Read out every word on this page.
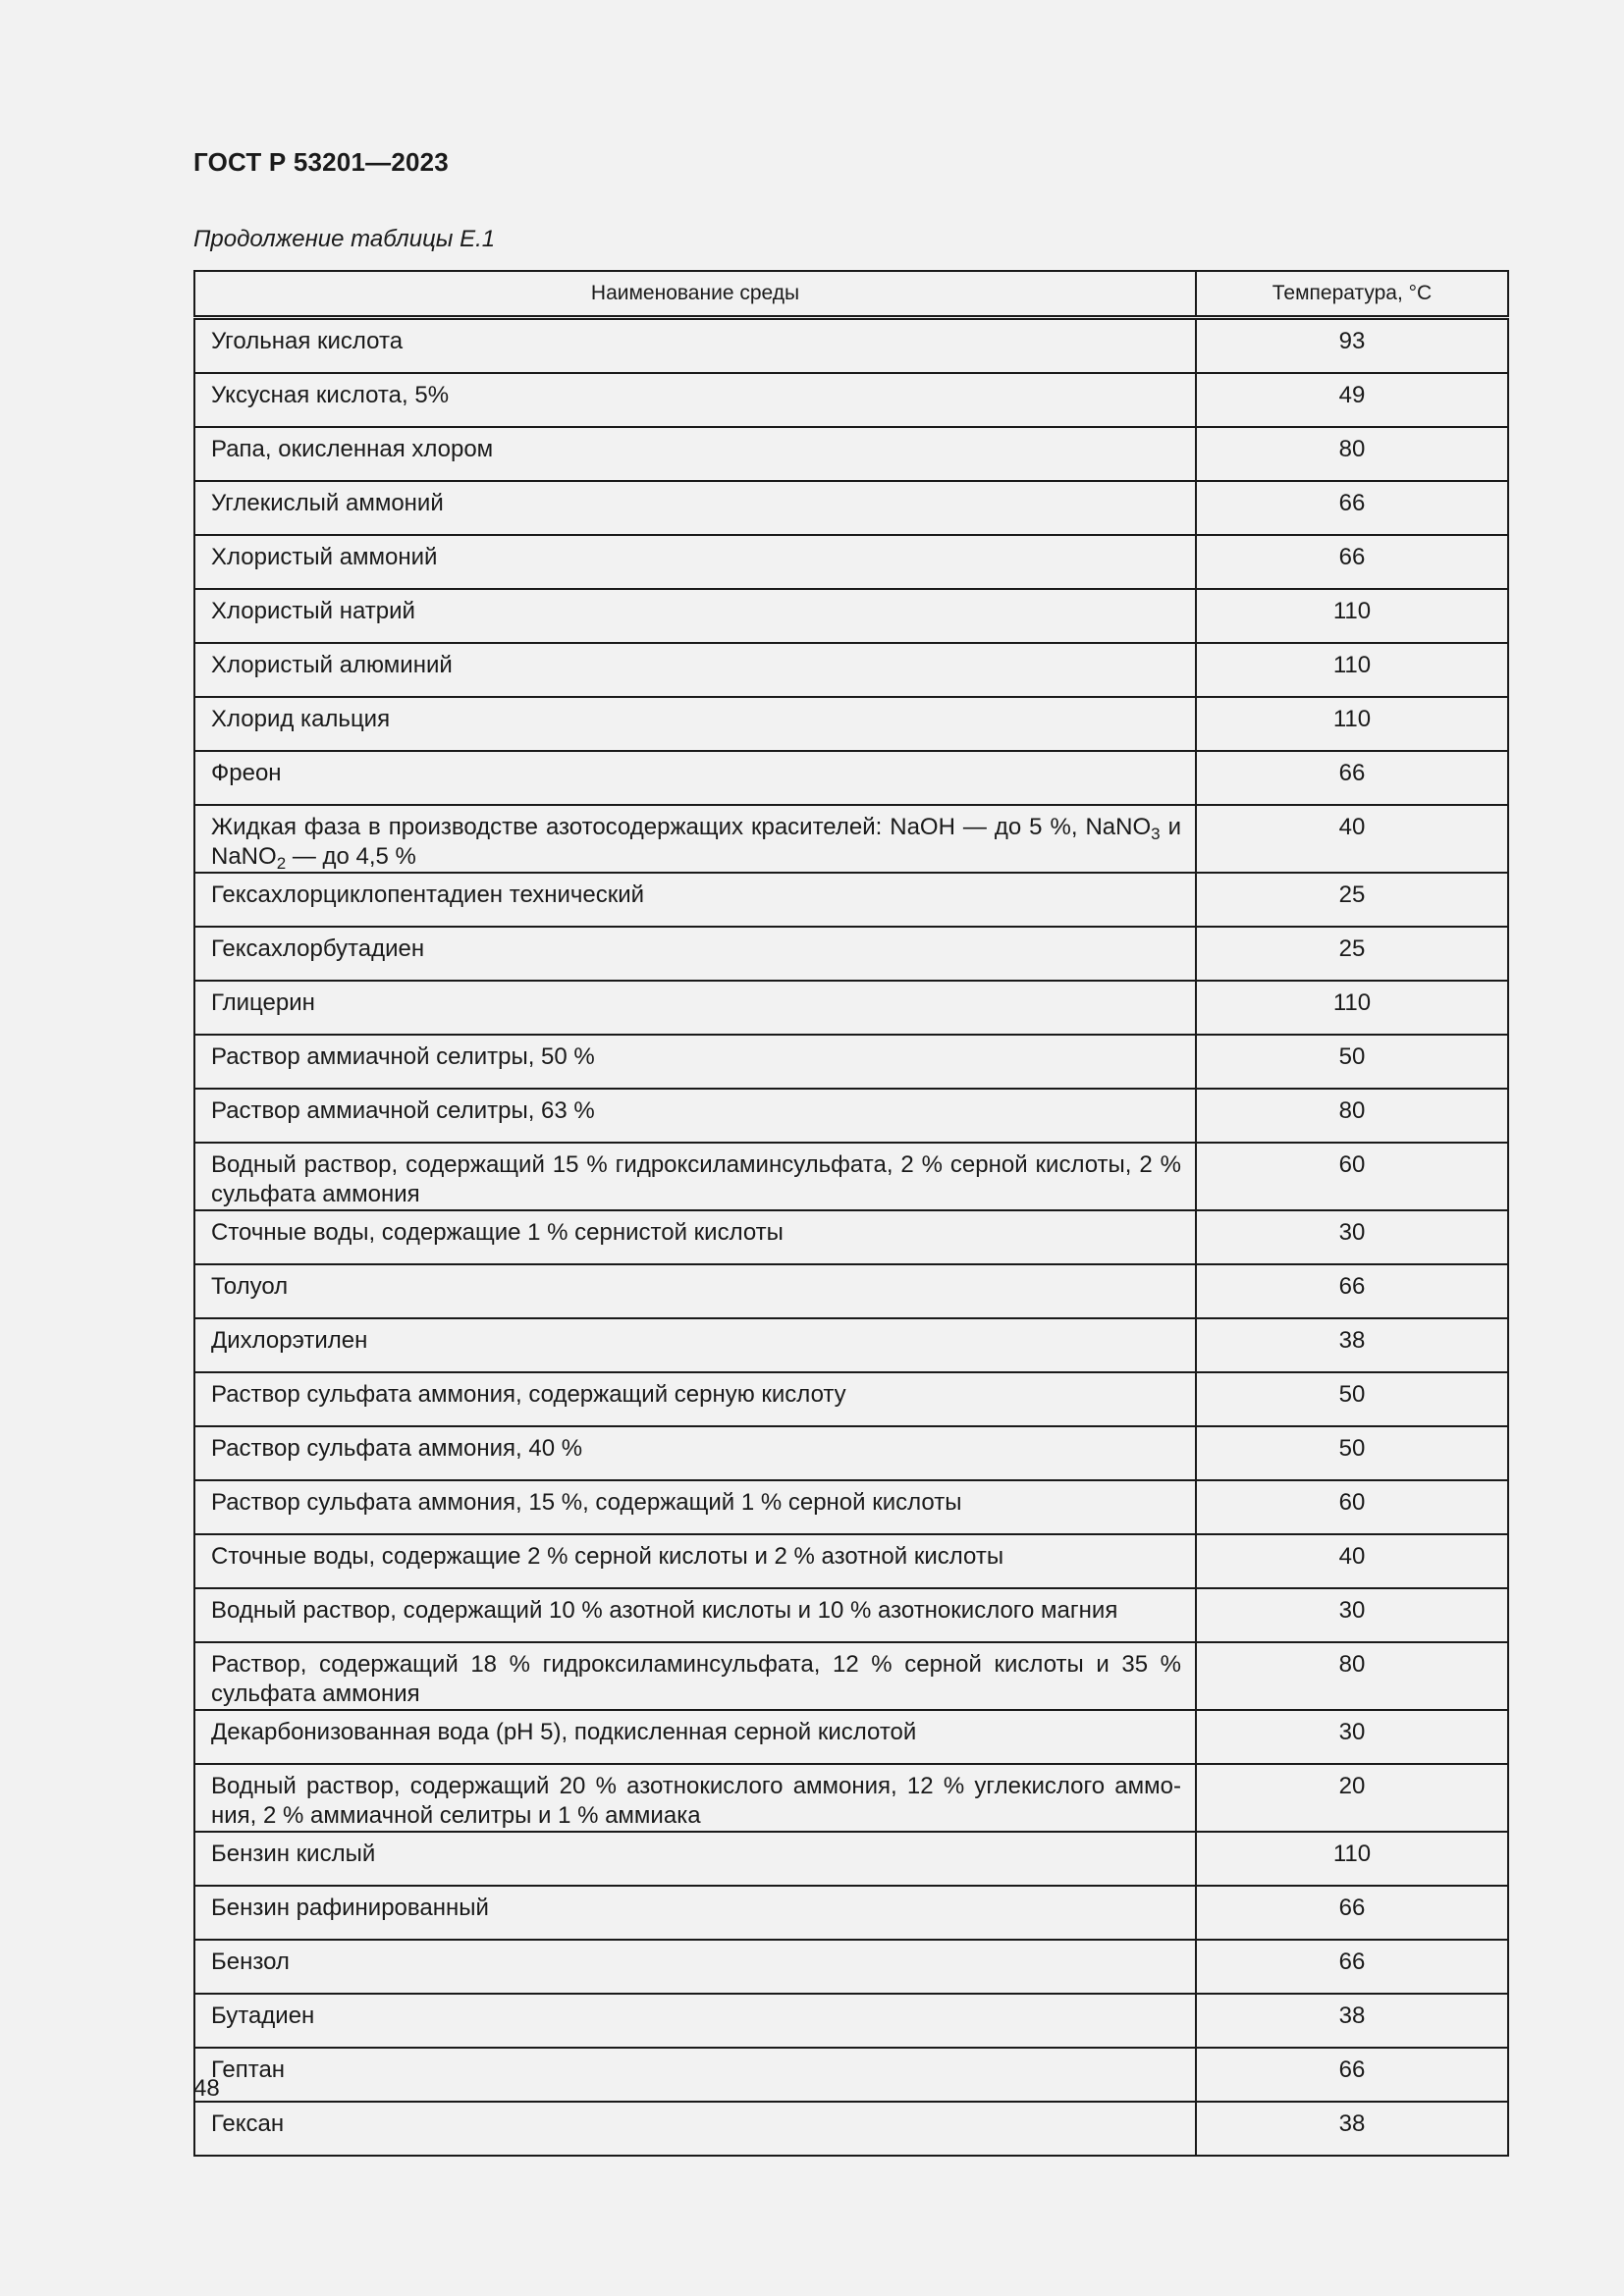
ГОСТ Р 53201—2023
Продолжение таблицы Е.1
Наименование среды	Температура, °C
Угольная кислота	93
Уксусная кислота, 5%	49
Рапа, окисленная хлором	80
Углекислый аммоний	66
Хлористый аммоний	66
Хлористый натрий	110
Хлористый алюминий	110
Хлорид кальция	110
Фреон	66
Жидкая фаза в производстве азотосодержащих красителей: NaOH — до 5 %, NaNO$_3$ и NaNO$_2$ — до 4,5 %	40
Гексахлорциклопентадиен технический	25
Гексахлорбутадиен	25
Глицерин	110
Раствор аммиачной селитры, 50 %	50
Раствор аммиачной селитры, 63 %	80
Водный раствор, содержащий 15 % гидроксиламинсульфата, 2 % серной кислоты, 2 % сульфата аммония	60
Сточные воды, содержащие 1 % сернистой кислоты	30
Толуол	66
Дихлорэтилен	38
Раствор сульфата аммония, содержащий серную кислоту	50
Раствор сульфата аммония, 40 %	50
Раствор сульфата аммония, 15 %, содержащий 1 % серной кислоты	60
Сточные воды, содержащие 2 % серной кислоты и 2 % азотной кислоты	40
Водный раствор, содержащий 10 % азотной кислоты и 10 % азотнокислого магния	30
Раствор, содержащий 18 % гидроксиламинсульфата, 12 % серной кислоты и 35 % сульфата аммония	80
Декарбонизованная вода (pH 5), подкисленная серной кислотой	30
Водный раствор, содержащий 20 % азотнокислого аммония, 12 % углекислого аммо-ния, 2 % аммиачной селитры и 1 % аммиака	20
Бензин кислый	110
Бензин рафинированный	66
Бензол	66
Бутадиен	38
Гептан	66
Гексан	38
48
